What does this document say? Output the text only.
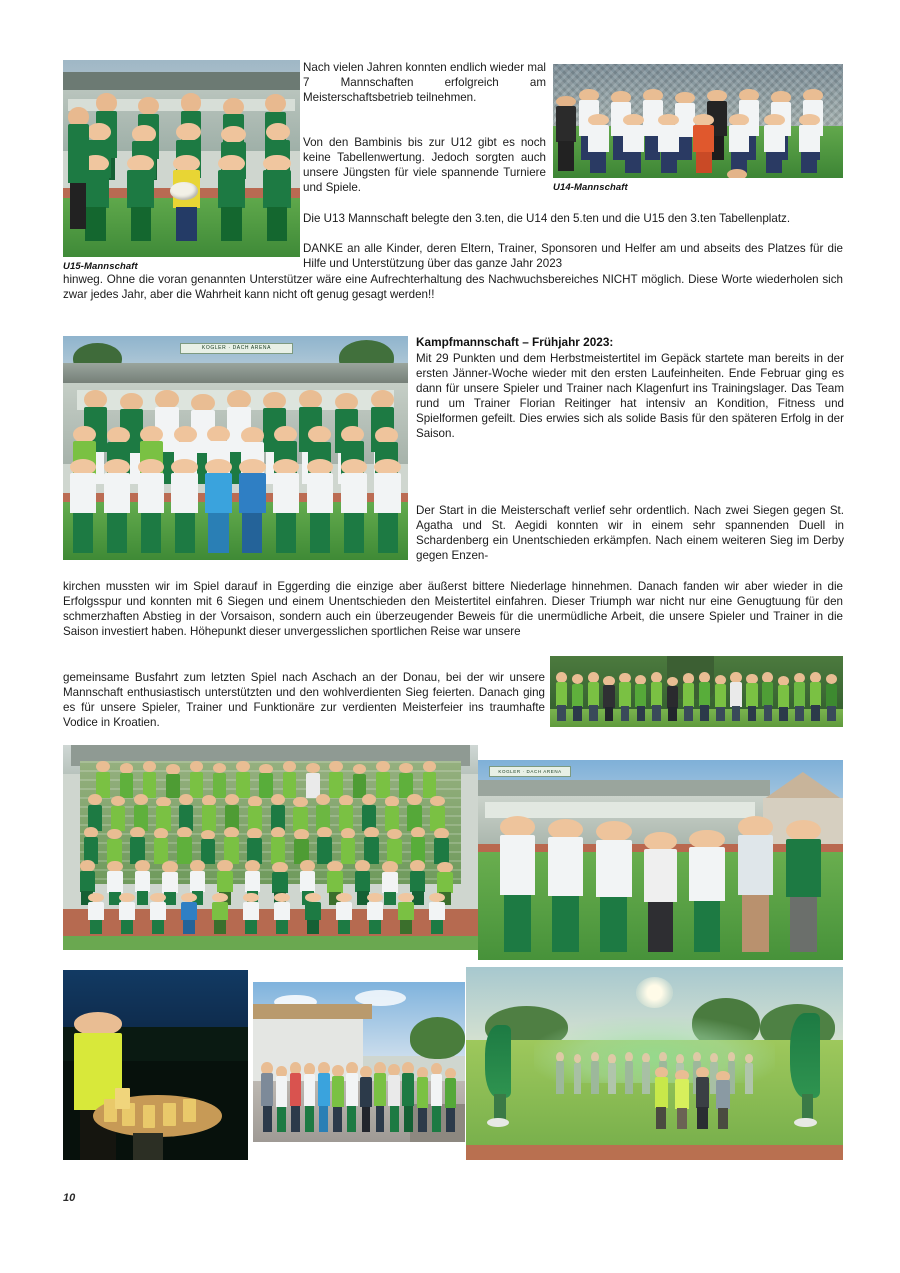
U15-Mannschaft
U14-Mannschaft

Nach vielen Jahren konnten endlich wieder mal 7 Mannschaften erfolgreich am Meisterschaftsbetrieb teilnehmen.

Von den Bambinis bis zur U12 gibt es noch keine Tabellenwertung. Jedoch sorgten auch unsere Jüngsten für viele spannende Turniere und Spiele.

Die U13 Mannschaft belegte den 3.ten, die U14 den 5.ten und die U15 den 3.ten Tabellenplatz.

DANKE an alle Kinder, deren Eltern, Trainer, Sponsoren und Helfer am und abseits des Platzes für die Hilfe und Unterstützung über das ganze Jahr 2023

hinweg. Ohne die voran genannten Unterstützer wäre eine Aufrechterhaltung des Nachwuchsbereiches NICHT möglich. Diese Worte wiederholen sich zwar jedes Jahr, aber die Wahrheit kann nicht oft genug gesagt werden!!

KOGLER · DACH ARENA	Kampfmannschaft – Frühjahr 2023:

Mit 29 Punkten und dem Herbstmeistertitel im Gepäck startete man bereits in der ersten Jänner-Woche wieder mit den ersten Laufeinheiten. Ende Februar ging es dann für unsere Spieler und Trainer nach Klagenfurt ins Trainingslager. Das Team rund um Trainer Florian Reitinger hat intensiv an Kondition, Fitness und Spielformen gefeilt. Dies erwies sich als solide Basis für den späteren Erfolg in der Saison.

Der Start in die Meisterschaft verlief sehr ordentlich. Nach zwei Siegen gegen St. Agatha und St. Aegidi konnten wir in einem sehr spannenden Duell in Schardenberg ein Unentschieden erkämpfen. Nach einem weiteren Sieg im Derby gegen Enzen-

kirchen mussten wir im Spiel darauf in Eggerding die einzige aber äußerst bittere Niederlage hinnehmen. Danach fanden wir aber wieder in die Erfolgsspur und konnten mit 6 Siegen und einem Unentschieden den Meistertitel einfahren. Dieser Triumph war nicht nur eine Genugtuung für den schmerzhaften Abstieg in der Vorsaison, sondern auch ein überzeugender Beweis für die unermüdliche Arbeit, die unsere Spieler und Trainer in die Saison investiert haben. Höhepunkt dieser unvergesslichen sportlichen Reise war unsere

gemeinsame Busfahrt zum letzten Spiel nach Aschach an der Donau, bei der wir unsere Mannschaft enthusiastisch unterstützten und den wohlverdienten Sieg feierten. Danach ging es für unsere Spieler, Trainer und Funktionäre zur verdienten Meisterfeier ins traumhafte Vodice in Kroatien.

KOGLER · DACH ARENA
10
